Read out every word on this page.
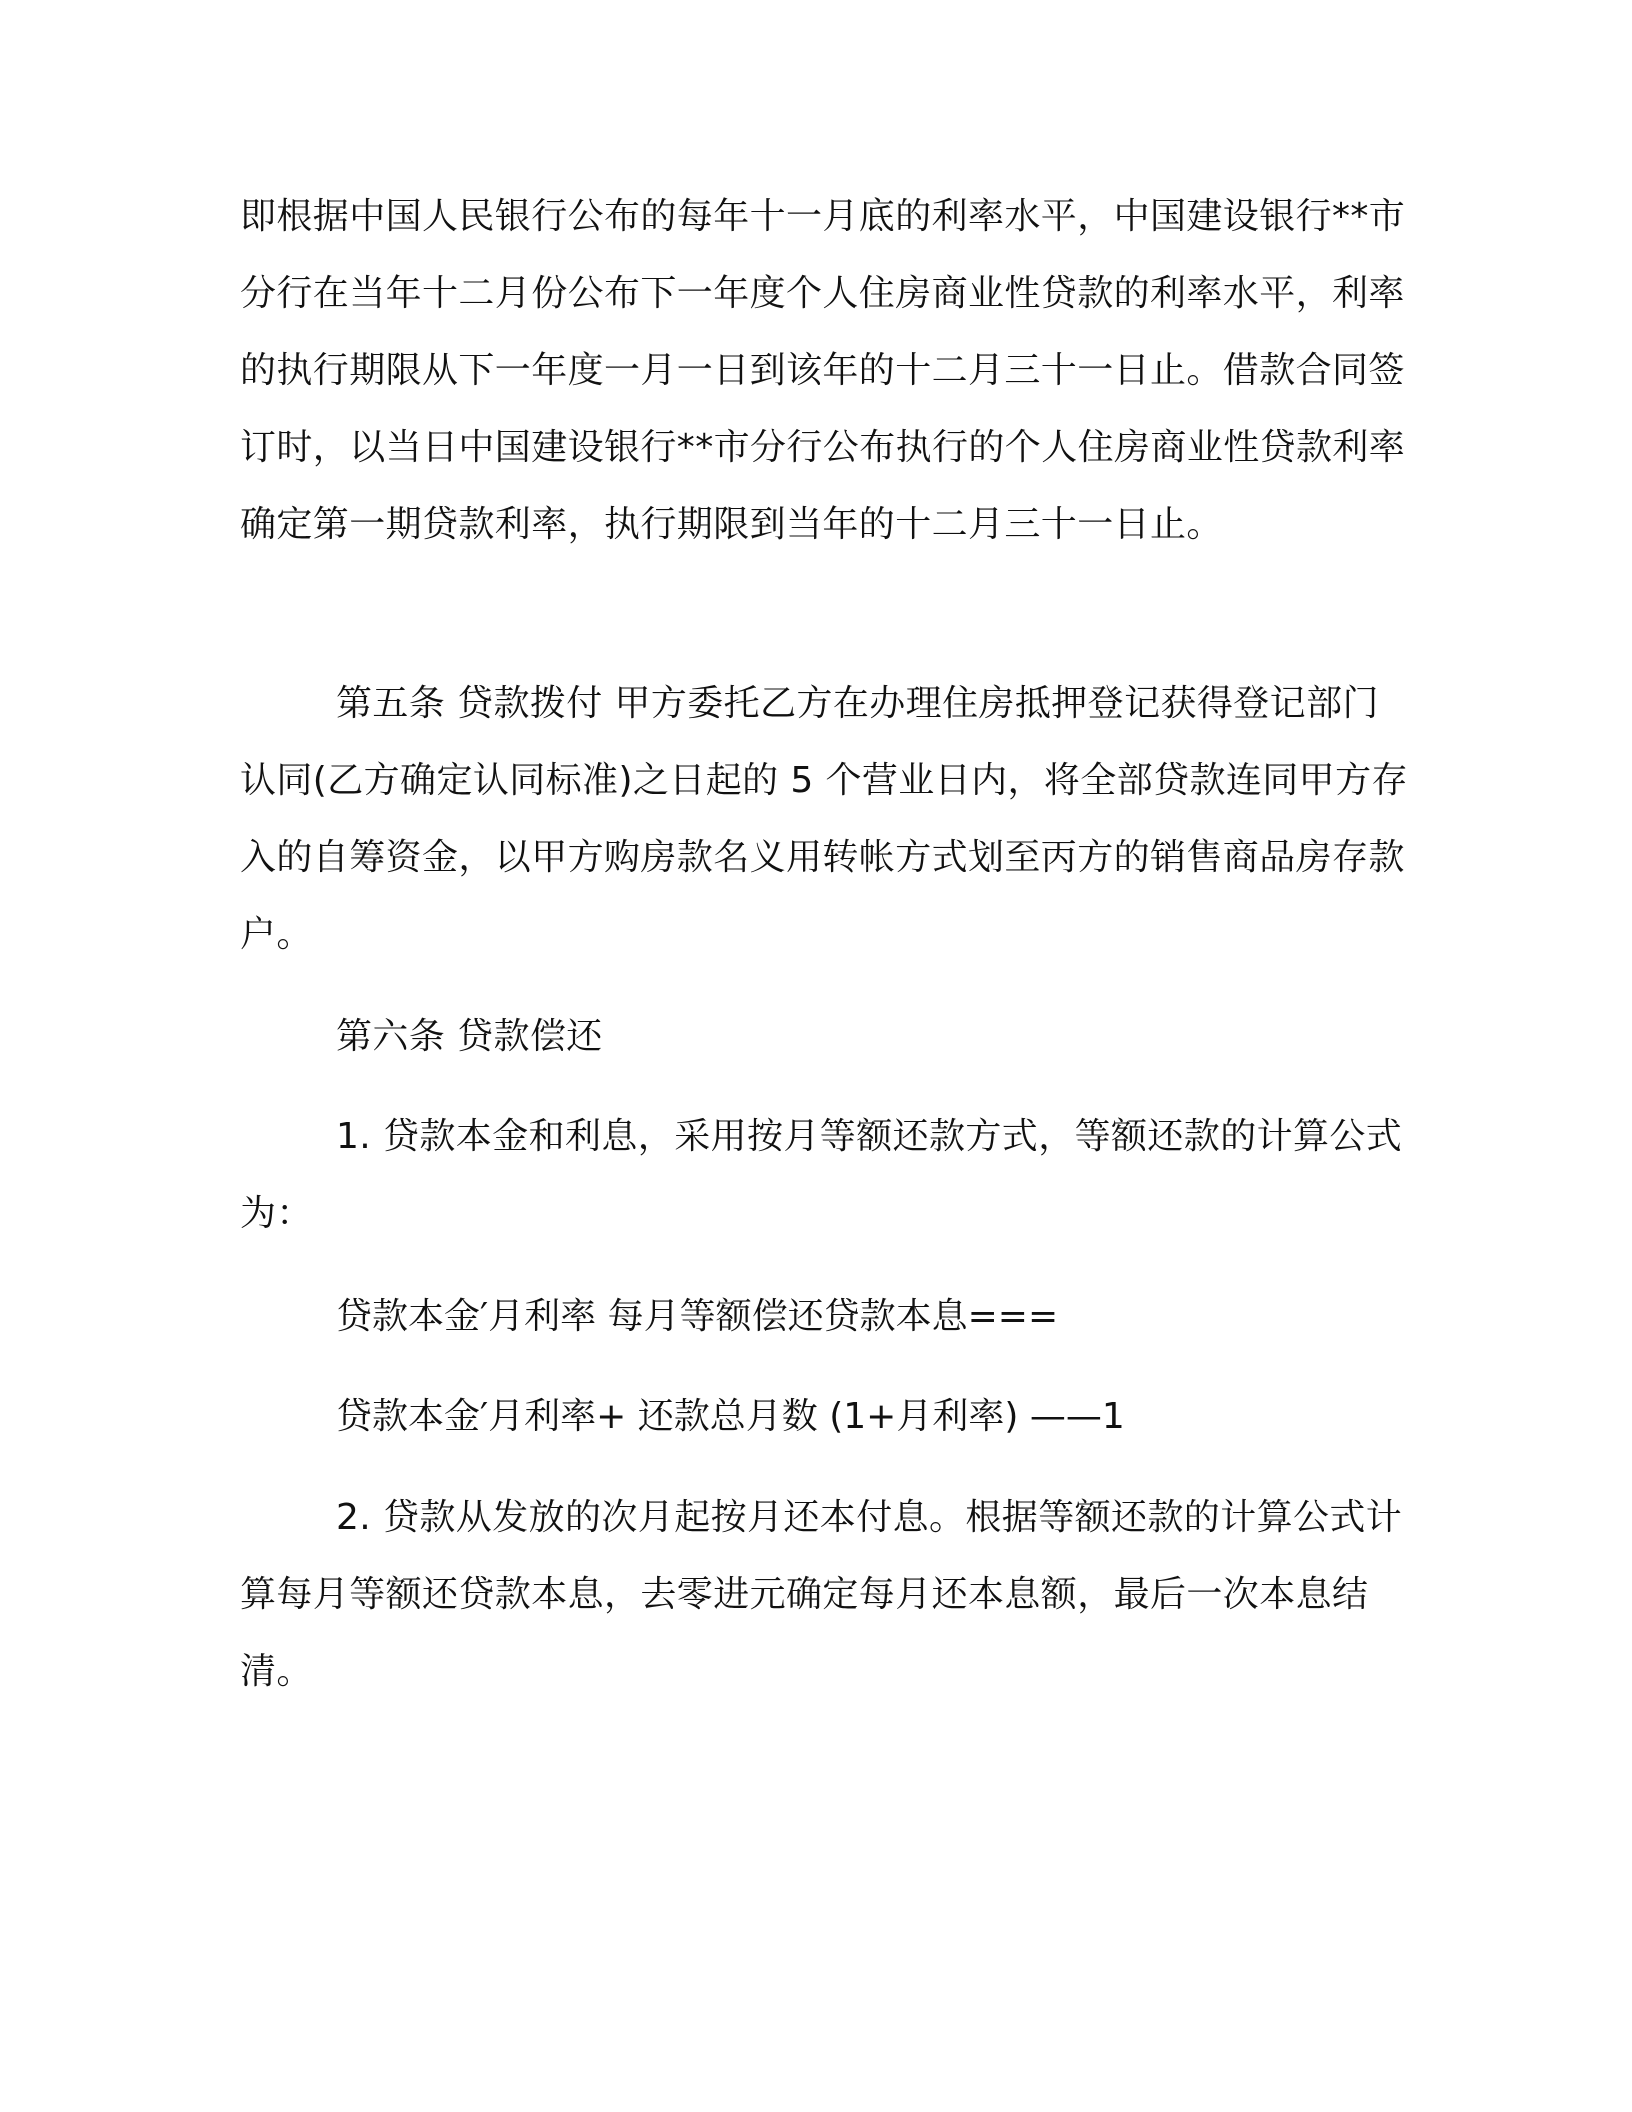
即根据中国人民银行公布的每年十一月底的利率水平，中国建设银行**市分行在当年十二月份公布下一年度个人住房商业性贷款的利率水平，利率的执行期限从下一年度一月一日到该年的十二月三十一日止。借款合同签订时，以当日中国建设银行**市分行公布执行的个人住房商业性贷款利率确定第一期贷款利率，执行期限到当年的十二月三十一日止。

第五条 贷款拨付 甲方委托乙方在办理住房抵押登记获得登记部门认同(乙方确定认同标准)之日起的 5 个营业日内，将全部贷款连同甲方存入的自筹资金，以甲方购房款名义用转帐方式划至丙方的销售商品房存款户。

第六条 贷款偿还

1. 贷款本金和利息，采用按月等额还款方式，等额还款的计算公式为：

贷款本金′月利率 每月等额偿还贷款本息===

贷款本金′月利率+ 还款总月数 (1+月利率) ——1

2. 贷款从发放的次月起按月还本付息。根据等额还款的计算公式计算每月等额还贷款本息，去零进元确定每月还本息额，最后一次本息结清。
